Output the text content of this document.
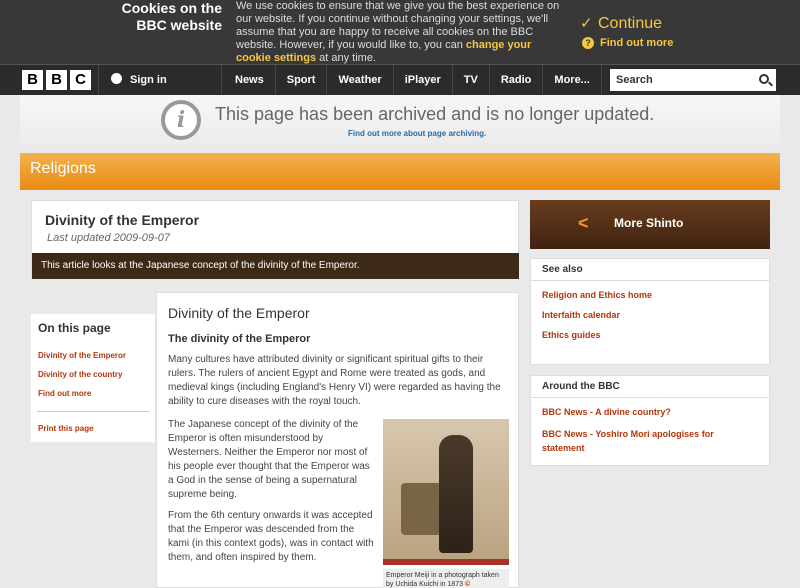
Cookies on the BBC website
We use cookies to ensure that we give you the best experience on our website. If you continue without changing your settings, we'll assume that you are happy to receive all cookies on the BBC website. However, if you would like to, you can change your cookie settings at any time.
✓ Continue
? Find out more
B B C	Sign in	News	Sport	Weather	iPlayer	TV	Radio	More...	Search
i	This page has been archived and is no longer updated.
Find out more about page archiving.
Religions
Divinity of the Emperor
Last updated 2009-09-07
This article looks at the Japanese concept of the divinity of the Emperor.
On this page
Divinity of the Emperor
Divinity of the country
Find out more
Print this page
Divinity of the Emperor
The divinity of the Emperor
Many cultures have attributed divinity or significant spiritual gifts to their rulers. The rulers of ancient Egypt and Rome were treated as gods, and medieval kings (including England's Henry VI) were regarded as having the ability to cure diseases with the royal touch.
The Japanese concept of the divinity of the Emperor is often misunderstood by Westerners. Neither the Emperor nor most of his people ever thought that the Emperor was a God in the sense of being a supernatural supreme being.
From the 6th century onwards it was accepted that the Emperor was descended from the kami (in this context gods), was in contact with them, and often inspired by them.
Emperor Meiji in a photograph taken by Uchida Kuichi in 1873 ©
< More Shinto
See also
Religion and Ethics home
Interfaith calendar
Ethics guides
Around the BBC
BBC News - A divine country?
BBC News - Yoshiro Mori apologises for statement
